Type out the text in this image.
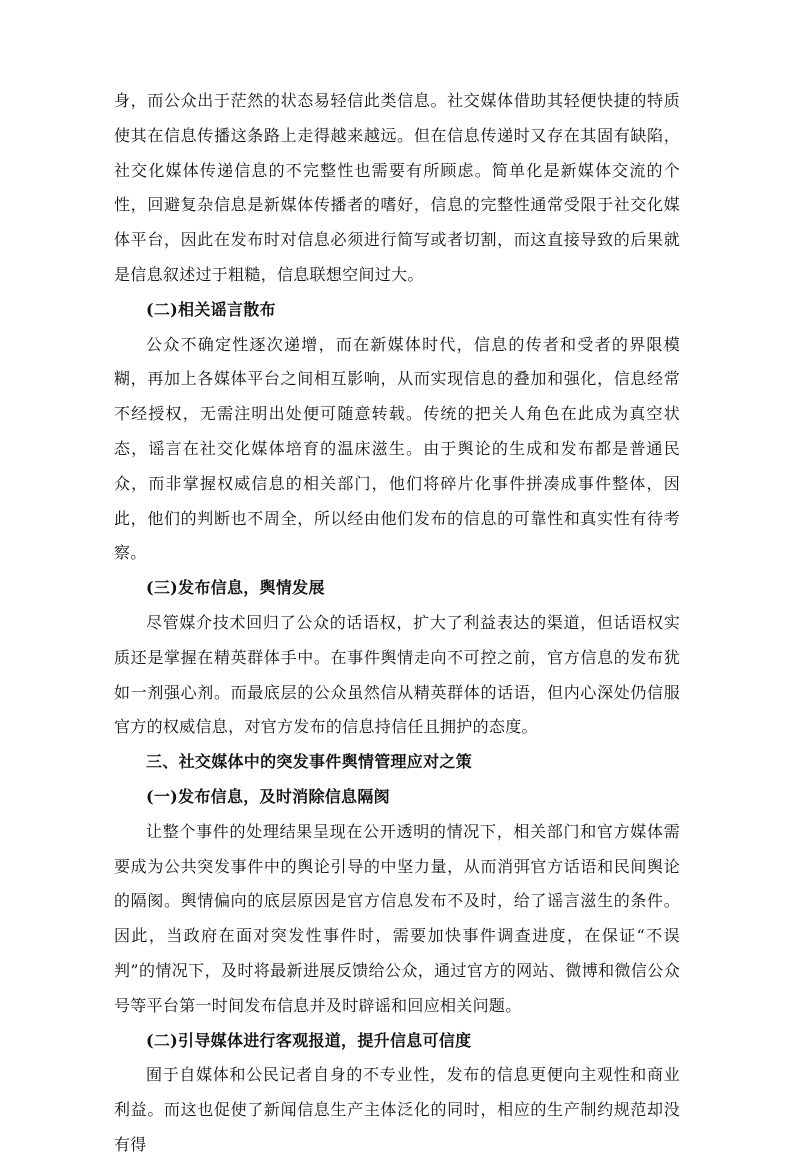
身，而公众出于茫然的状态易轻信此类信息。社交媒体借助其轻便快捷的特质使其在信息传播这条路上走得越来越远。但在信息传递时又存在其固有缺陷，社交化媒体传递信息的不完整性也需要有所顾虑。简单化是新媒体交流的个性，回避复杂信息是新媒体传播者的嗜好，信息的完整性通常受限于社交化媒体平台，因此在发布时对信息必须进行简写或者切割，而这直接导致的后果就是信息叙述过于粗糙，信息联想空间过大。

(二)相关谣言散布

公众不确定性逐次递增，而在新媒体时代，信息的传者和受者的界限模糊，再加上各媒体平台之间相互影响，从而实现信息的叠加和强化，信息经常不经授权，无需注明出处便可随意转载。传统的把关人角色在此成为真空状态，谣言在社交化媒体培育的温床滋生。由于舆论的生成和发布都是普通民众，而非掌握权威信息的相关部门，他们将碎片化事件拼凑成事件整体，因此，他们的判断也不周全，所以经由他们发布的信息的可靠性和真实性有待考察。

(三)发布信息，舆情发展

尽管媒介技术回归了公众的话语权，扩大了利益表达的渠道，但话语权实质还是掌握在精英群体手中。在事件舆情走向不可控之前，官方信息的发布犹如一剂强心剂。而最底层的公众虽然信从精英群体的话语，但内心深处仍信服官方的权威信息，对官方发布的信息持信任且拥护的态度。

三、社交媒体中的突发事件舆情管理应对之策

(一)发布信息，及时消除信息隔阂

让整个事件的处理结果呈现在公开透明的情况下，相关部门和官方媒体需要成为公共突发事件中的舆论引导的中坚力量，从而消弭官方话语和民间舆论的隔阂。舆情偏向的底层原因是官方信息发布不及时，给了谣言滋生的条件。因此，当政府在面对突发性事件时，需要加快事件调查进度，在保证“不误判”的情况下，及时将最新进展反馈给公众，通过官方的网站、微博和微信公众号等平台第一时间发布信息并及时辟谣和回应相关问题。

(二)引导媒体进行客观报道，提升信息可信度

囿于自媒体和公民记者自身的不专业性，发布的信息更便向主观性和商业利益。而这也促使了新闻信息生产主体泛化的同时，相应的生产制约规范却没有得
